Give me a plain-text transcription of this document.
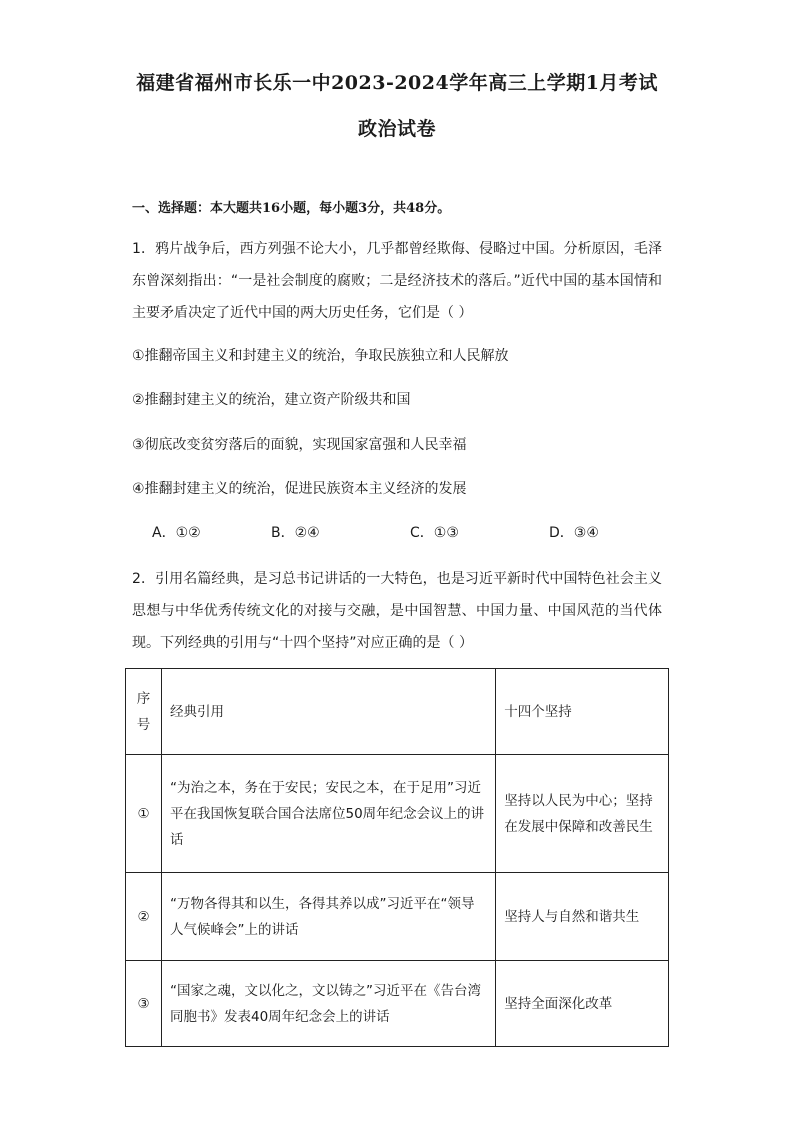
福建省福州市长乐一中2023-2024学年高三上学期1月考试
政治试卷
一、选择题：本大题共16小题，每小题3分，共48分。
1．鸦片战争后，西方列强不论大小，几乎都曾经欺侮、侵略过中国。分析原因，毛泽东曾深刻指出：“一是社会制度的腐败；二是经济技术的落后。”近代中国的基本国情和主要矛盾决定了近代中国的两大历史任务，它们是（ ）
①推翻帝国主义和封建主义的统治，争取民族独立和人民解放
②推翻封建主义的统治，建立资产阶级共和国
③彻底改变贫穷落后的面貌，实现国家富强和人民幸福
④推翻封建主义的统治，促进民族资本主义经济的发展
A．①②	B．②④	C．①③	D．③④
2．引用名篇经典，是习总书记讲话的一大特色，也是习近平新时代中国特色社会主义思想与中华优秀传统文化的对接与交融，是中国智慧、中国力量、中国风范的当代体现。下列经典的引用与“十四个坚持”对应正确的是（ ）
序号	经典引用	十四个坚持
①	“为治之本，务在于安民；安民之本，在于足用”习近平在我国恢复联合国合法席位50周年纪念会议上的讲话	坚持以人民为中心；坚持在发展中保障和改善民生
②	“万物各得其和以生，各得其养以成”习近平在“领导人气候峰会”上的讲话	坚持人与自然和谐共生
③	“国家之魂，文以化之，文以铸之”习近平在《告台湾同胞书》发表40周年纪念会上的讲话	坚持全面深化改革
